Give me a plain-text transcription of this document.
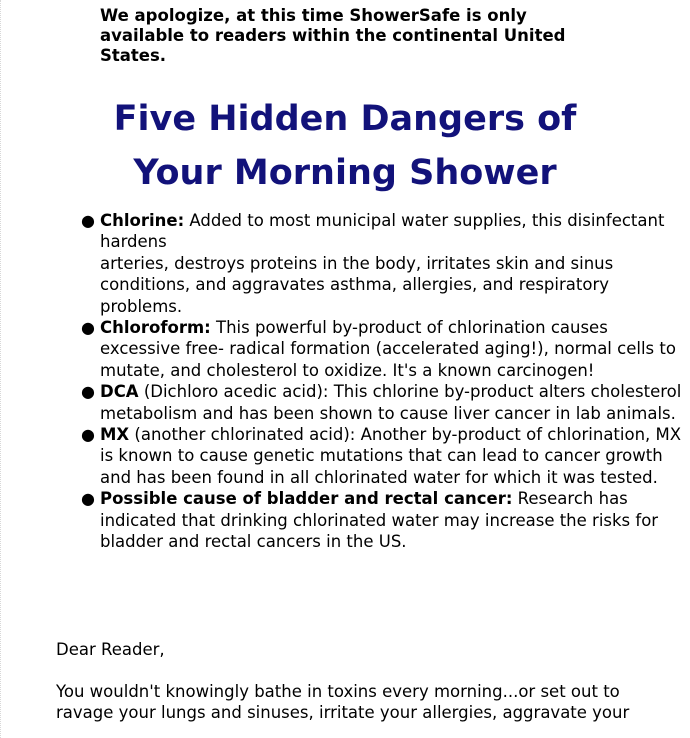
We apologize, at this time ShowerSafe is only available to readers within the continental United States.

Five Hidden Dangers of
Your Morning Shower
● Chlorine: Added to most municipal water supplies, this disinfectant hardens
arteries, destroys proteins in the body, irritates skin and sinus conditions, and aggravates asthma, allergies, and respiratory problems.
● Chloroform: This powerful by-product of chlorination causes excessive free- radical formation (accelerated aging!), normal cells to mutate, and cholesterol to oxidize. It's a known carcinogen!
● DCA (Dichloro acedic acid): This chlorine by-product alters cholesterol metabolism and has been shown to cause liver cancer in lab animals.
● MX (another chlorinated acid): Another by-product of chlorination, MX is known to cause genetic mutations that can lead to cancer growth and has been found in all chlorinated water for which it was tested.
● Possible cause of bladder and rectal cancer: Research has indicated that drinking chlorinated water may increase the risks for bladder and rectal cancers in the US.

Dear Reader,

You wouldn't knowingly bathe in toxins every morning...or set out to ravage your lungs and sinuses, irritate your allergies, aggravate your
